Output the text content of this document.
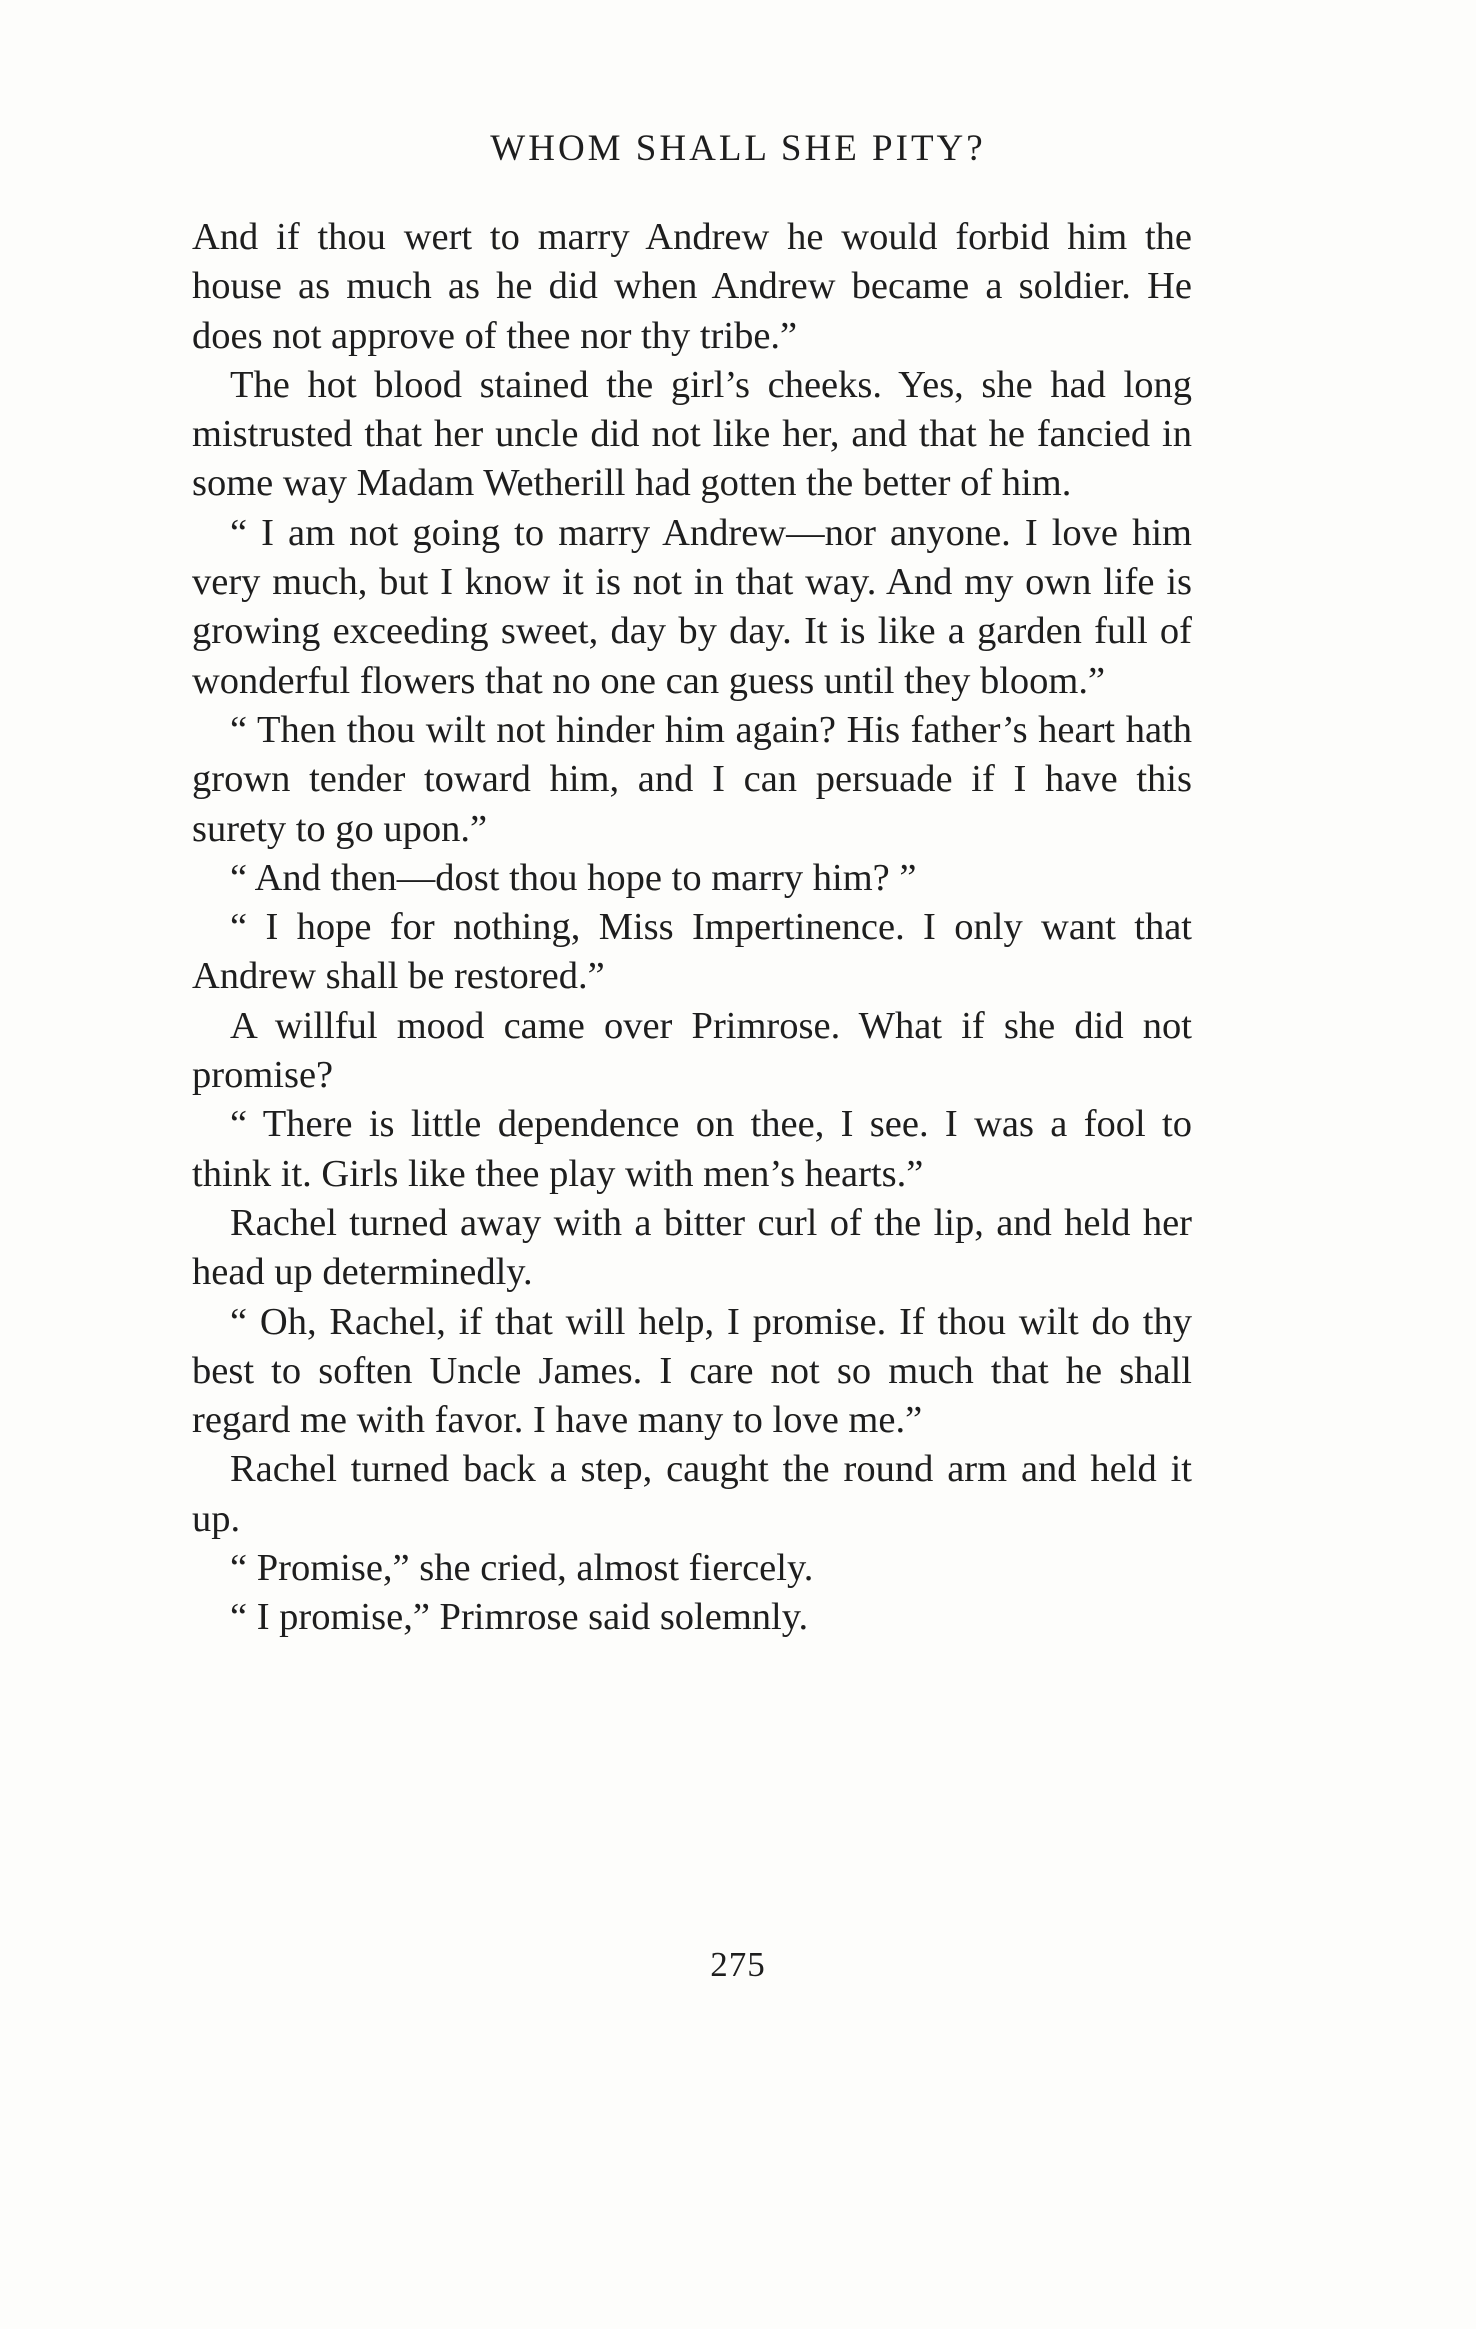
WHOM SHALL SHE PITY?

And if thou wert to marry Andrew he would forbid him the house as much as he did when Andrew became a soldier. He does not approve of thee nor thy tribe.”

The hot blood stained the girl’s cheeks. Yes, she had long mistrusted that her uncle did not like her, and that he fancied in some way Madam Wetherill had gotten the better of him.

“ I am not going to marry Andrew—nor anyone. I love him very much, but I know it is not in that way. And my own life is growing exceeding sweet, day by day. It is like a garden full of wonderful flowers that no one can guess until they bloom.”

“ Then thou wilt not hinder him again? His father’s heart hath grown tender toward him, and I can persuade if I have this surety to go upon.”

“ And then—dost thou hope to marry him? ”

“ I hope for nothing, Miss Impertinence. I only want that Andrew shall be restored.”

A willful mood came over Primrose. What if she did not promise?

“ There is little dependence on thee, I see. I was a fool to think it. Girls like thee play with men’s hearts.”

Rachel turned away with a bitter curl of the lip, and held her head up determinedly.

“ Oh, Rachel, if that will help, I promise. If thou wilt do thy best to soften Uncle James. I care not so much that he shall regard me with favor. I have many to love me.”

Rachel turned back a step, caught the round arm and held it up.

“ Promise,” she cried, almost fiercely.

“ I promise,” Primrose said solemnly.

275
